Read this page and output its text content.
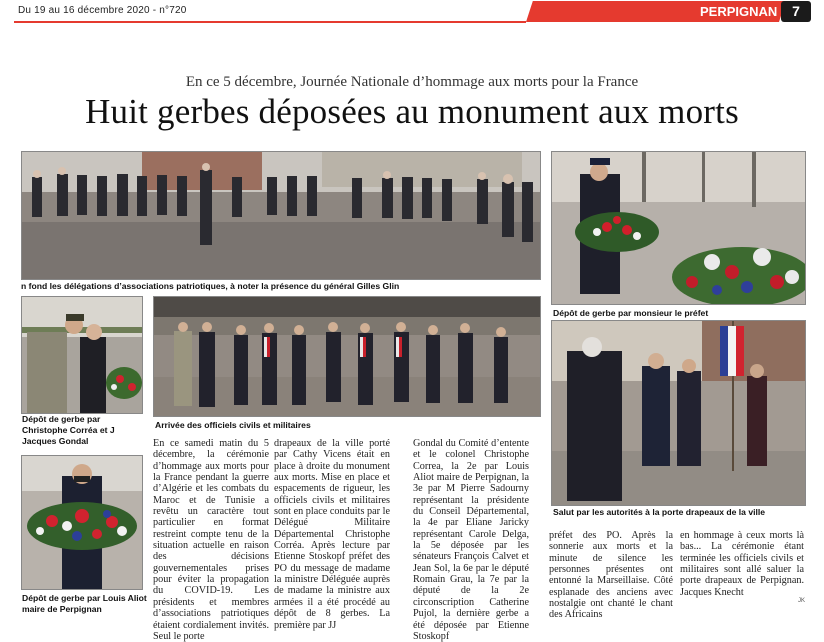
Du 19 au 16 décembre 2020 - n°720	PERPIGNAN	7
En ce 5 décembre, Journée Nationale d’hommage aux morts pour la France
Huit gerbes déposées au monument aux morts
n fond les délégations d’associations patriotiques, à noter la présence du général Gilles Glin
Dépôt de gerbe par monsieur le préfet
Dépôt de gerbe par Christophe Corréa et J Jacques Gondal
Arrivée des officiels civils et militaires
Salut par les autorités à la porte drapeaux de la ville
Dépôt de gerbe par Louis Aliot maire de Perpignan
En ce samedi matin du 5 décembre, la cérémonie d’hommage aux morts pour la France pendant la guerre d’Algérie et les combats du Maroc et de Tunisie a revêtu un caractère tout particulier en format restreint compte tenu de la situation actuelle en raison des décisions gouvernementales prises pour éviter la propagation du COVID-19. Les présidents et membres d’associations patriotiques étaient cordialement invités. Seul le porte
drapeaux de la ville porté par Cathy Vicens était en place à droite du monument aux morts. Mise en place et espacements de rigueur, les officiels civils et militaires sont en place conduits par le Délégué Militaire Départemental Christophe Corréa. Après lecture par Etienne Stoskopf préfet des PO du message de madame la ministre Déléguée auprès de madame la ministre aux armées il a été procédé au dépôt de 8 gerbes. La première par JJ
Gondal du Comité d’entente et le colonel Christophe Correa, la 2e par Louis Aliot maire de Perpignan, la 3e par M Pierre Sadourny représentant la présidente du Conseil Départemental, la 4e par Eliane Jaricky représentant Carole Delga, la 5e déposée par les sénateurs François Calvet et Jean Sol, la 6e par le député Romain Grau, la 7e par la député de la 2e circonscription Catherine Pujol, la dernière gerbe a été déposée par Etienne Stoskopf
préfet des PO. Après la sonnerie aux morts et la minute de silence les personnes présentes ont entonné la Marseillaise. Côté esplanade des anciens avec nostalgie ont chanté le chant des Africains
en hommage à ceux morts là bas... La cérémonie étant terminée les officiels civils et militaires sont allé saluer la porte drapeaux de Perpignan. Jacques Knecht
JK
